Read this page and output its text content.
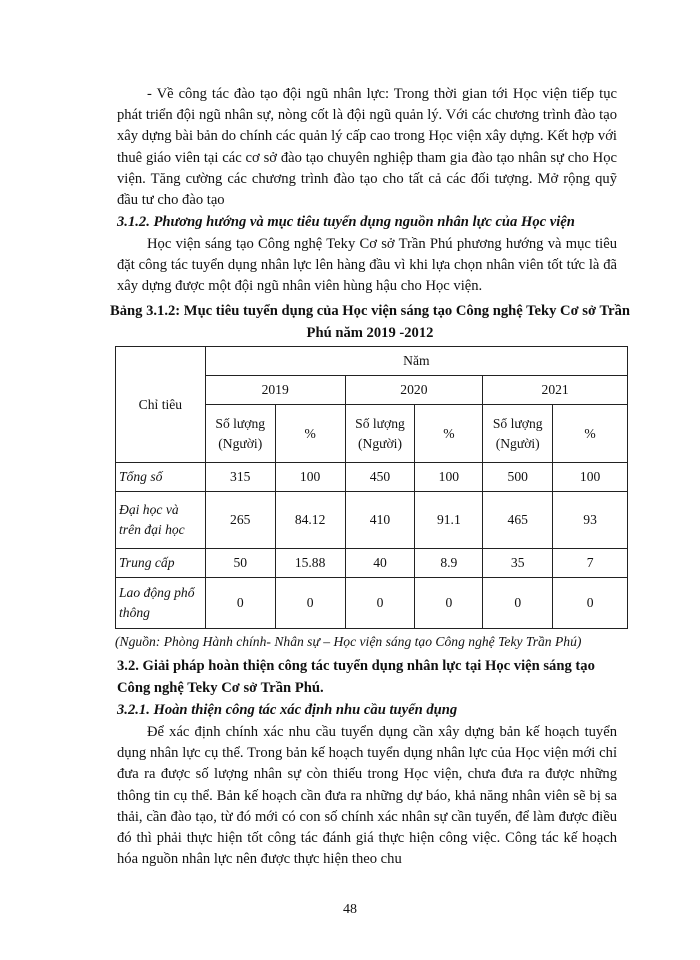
- Về công tác đào tạo đội ngũ nhân lực: Trong thời gian tới Học viện tiếp tục phát triển đội ngũ nhân sự, nòng cốt là đội ngũ quản lý. Với các chương trình đào tạo xây dựng bài bản do chính các quản lý cấp cao trong Học viện xây dựng. Kết hợp với thuê giáo viên tại các cơ sở đào tạo chuyên nghiệp tham gia đào tạo nhân sự cho Học viện. Tăng cường các chương trình đào tạo cho tất cả các đối tượng. Mở rộng quỹ đầu tư cho đào tạo

3.1.2. Phương hướng và mục tiêu tuyển dụng nguồn nhân lực của Học viện

Học viện sáng tạo Công nghệ Teky Cơ sở Trần Phú phương hướng và mục tiêu đặt công tác tuyển dụng nhân lực lên hàng đầu vì khi lựa chọn nhân viên tốt tức là đã xây dựng được một đội ngũ nhân viên hùng hậu cho Học viện.

Bảng 3.1.2: Mục tiêu tuyển dụng của Học viện sáng tạo Công nghệ Teky Cơ sở Trần Phú năm 2019 -2012

Chỉ tiêu	Năm					
	2019		2020		2021	
	Số lượng (Người)	%	Số lượng (Người)	%	Số lượng (Người)	%
Tổng số	315	100	450	100	500	100
Đại học và trên đại học	265	84.12	410	91.1	465	93
Trung cấp	50	15.88	40	8.9	35	7
Lao động phổ thông	0	0	0	0	0	0
(Nguồn: Phòng Hành chính- Nhân sự – Học viện sáng tạo Công nghệ Teky Trần Phú)

3.2. Giải pháp hoàn thiện công tác tuyển dụng nhân lực tại Học viện sáng tạo Công nghệ Teky Cơ sở Trần Phú.

3.2.1. Hoàn thiện công tác xác định nhu cầu tuyển dụng

Để xác định chính xác nhu cầu tuyển dụng cần xây dựng bản kế hoạch tuyển dụng nhân lực cụ thể. Trong bản kế hoạch tuyển dụng nhân lực của Học viện mới chỉ đưa ra được số lượng nhân sự còn thiếu trong Học viện, chưa đưa ra được những thông tin cụ thể. Bản kế hoạch cần đưa ra những dự báo, khả năng nhân viên sẽ bị sa thải, cần đào tạo, từ đó mới có con số chính xác nhân sự cần tuyển, để làm được điều đó thì phải thực hiện tốt công tác đánh giá thực hiện công việc. Công tác kế hoạch hóa nguồn nhân lực nên được thực hiện theo chu

48
